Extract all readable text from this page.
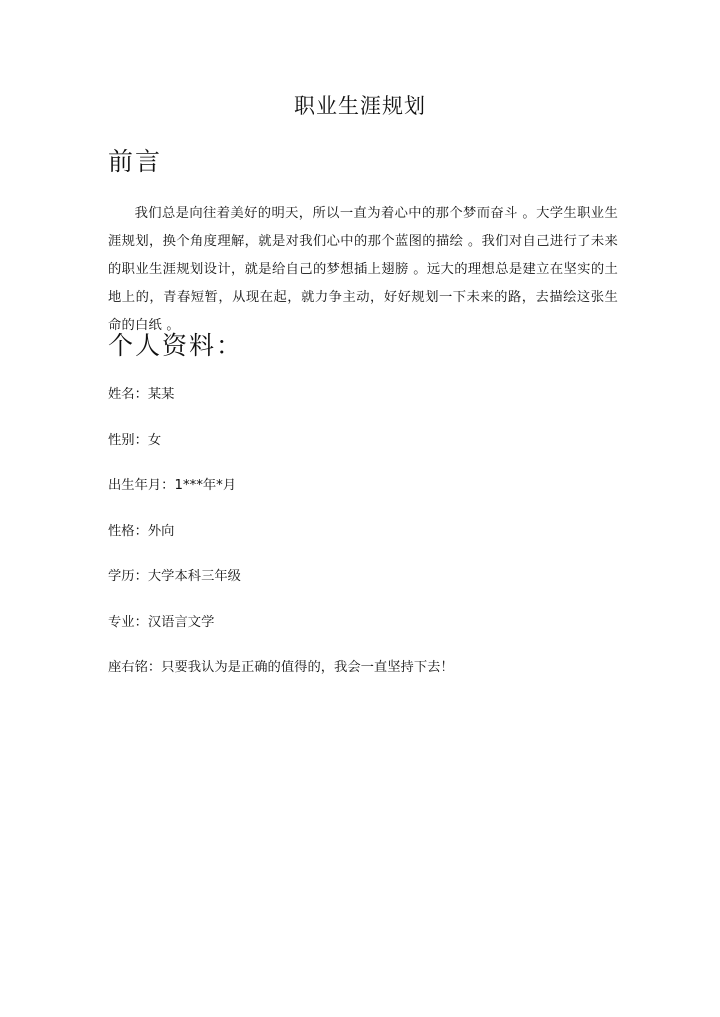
职业生涯规划
前言

我们总是向往着美好的明天，所以一直为着心中的那个梦而奋斗 。大学生职业生涯规划，换个角度理解，就是对我们心中的那个蓝图的描绘 。我们对自己进行了未来的职业生涯规划设计，就是给自己的梦想插上翅膀 。远大的理想总是建立在坚实的土地上的，青春短暂，从现在起，就力争主动，好好规划一下未来的路，去描绘这张生命的白纸 。

个人资料：
姓名：某某
性别：女
出生年月：1***年*月
性格：外向
学历：大学本科三年级
专业：汉语言文学
座右铭：只要我认为是正确的值得的，我会一直坚持下去！
